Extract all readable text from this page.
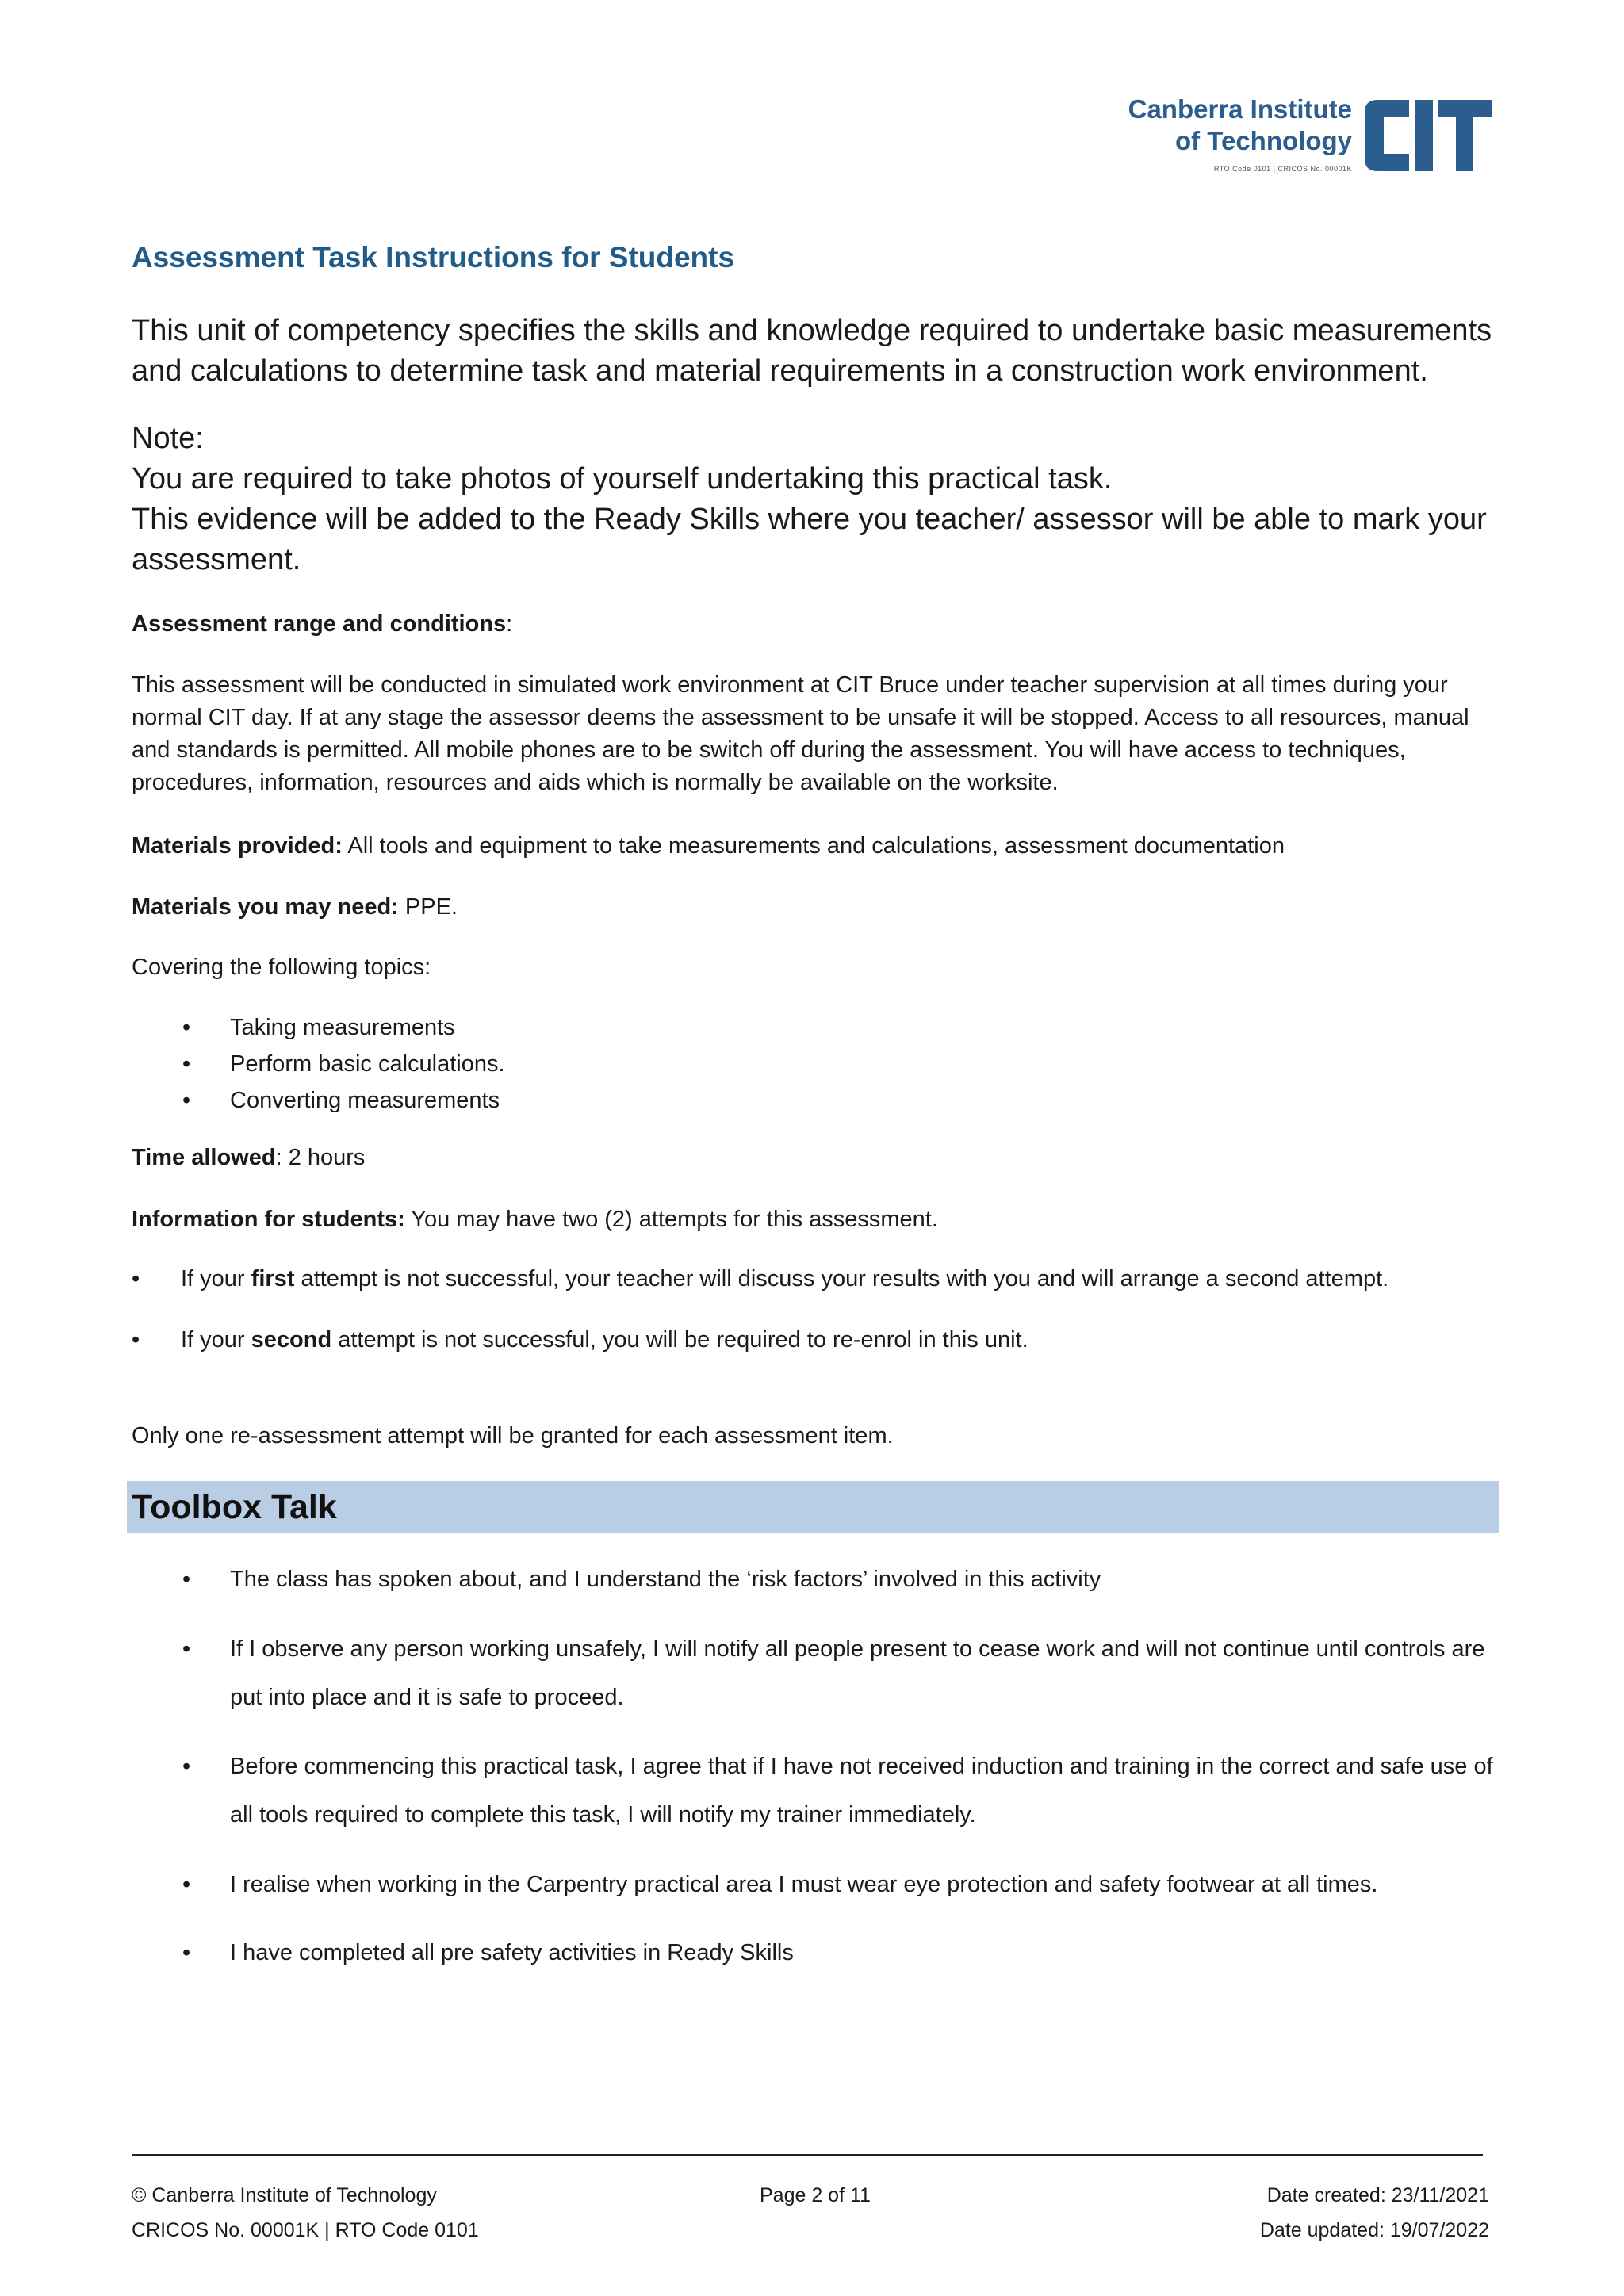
Canberra Institute
of Technology
RTO Code 0101 | CRICOS No. 00001K
Assessment Task Instructions for Students
This unit of competency specifies the skills and knowledge required to undertake basic measurements and calculations to determine task and material requirements in a construction work environment.
Note:
You are required to take photos of yourself undertaking this practical task.
This evidence will be added to the Ready Skills where you teacher/ assessor will be able to mark your assessment.
Assessment range and conditions:
This assessment will be conducted in simulated work environment at CIT Bruce under teacher supervision at all times during your normal CIT day. If at any stage the assessor deems the assessment to be unsafe it will be stopped. Access to all resources, manual and standards is permitted. All mobile phones are to be switch off during the assessment. You will have access to techniques, procedures, information, resources and aids which is normally be available on the worksite.
Materials provided: All tools and equipment to take measurements and calculations, assessment documentation
Materials you may need: PPE.
Covering the following topics:
• Taking measurements
• Perform basic calculations.
• Converting measurements
Time allowed: 2 hours
Information for students: You may have two (2) attempts for this assessment.
• If your first attempt is not successful, your teacher will discuss your results with you and will arrange a second attempt.
• If your second attempt is not successful, you will be required to re-enrol in this unit.
Only one re-assessment attempt will be granted for each assessment item.
Toolbox Talk
• The class has spoken about, and I understand the ‘risk factors’ involved in this activity
• If I observe any person working unsafely, I will notify all people present to cease work and will not continue until controls are put into place and it is safe to proceed.
• Before commencing this practical task, I agree that if I have not received induction and training in the correct and safe use of all tools required to complete this task, I will notify my trainer immediately.
• I realise when working in the Carpentry practical area I must wear eye protection and safety footwear at all times.
• I have completed all pre safety activities in Ready Skills
© Canberra Institute of Technology
CRICOS No. 00001K | RTO Code 0101
Page 2 of 11	Date created: 23/11/2021
Date updated: 19/07/2022
